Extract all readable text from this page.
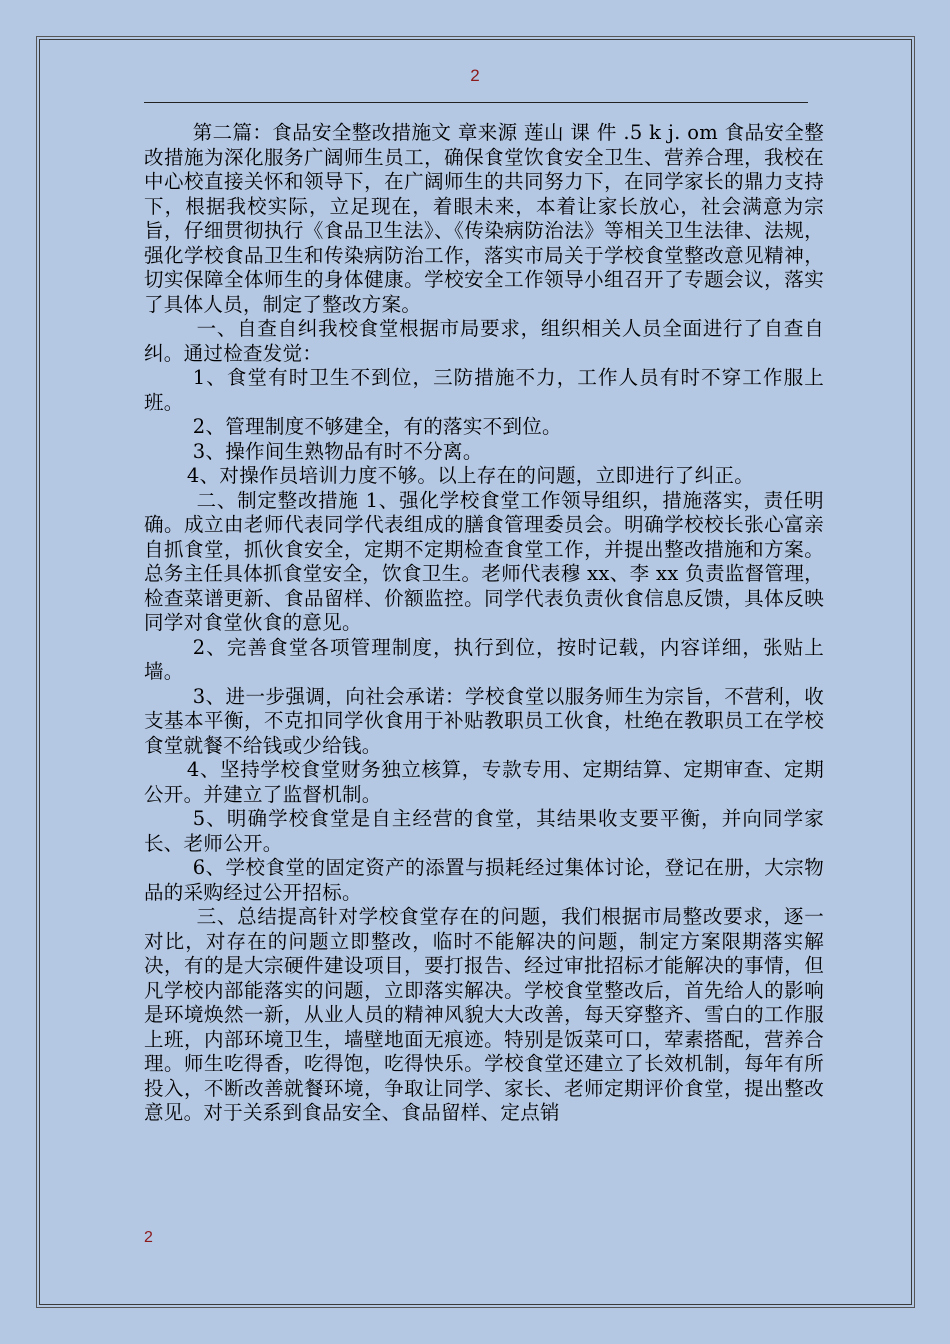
2

第二篇：食品安全整改措施文 章来源 莲山 课 件 .5 k j. om 食品安全整改措施为深化服务广阔师生员工，确保食堂饮食安全卫生、营养合理，我校在中心校直接关怀和领导下，在广阔师生的共同努力下，在同学家长的鼎力支持下，根据我校实际，立足现在，着眼未来，本着让家长放心，社会满意为宗旨，仔细贯彻执行《食品卫生法》、《传染病防治法》等相关卫生法律、法规，强化学校食品卫生和传染病防治工作，落实市局关于学校食堂整改意见精神，切实保障全体师生的身体健康。学校安全工作领导小组召开了专题会议，落实了具体人员，制定了整改方案。

一、自查自纠我校食堂根据市局要求，组织相关人员全面进行了自查自纠。通过检查发觉：

1、食堂有时卫生不到位，三防措施不力，工作人员有时不穿工作服上班。

2、管理制度不够建全，有的落实不到位。

3、操作间生熟物品有时不分离。

4、对操作员培训力度不够。以上存在的问题，立即进行了纠正。

二、制定整改措施 1、强化学校食堂工作领导组织，措施落实，责任明确。成立由老师代表同学代表组成的膳食管理委员会。明确学校校长张心富亲自抓食堂，抓伙食安全，定期不定期检查食堂工作，并提出整改措施和方案。总务主任具体抓食堂安全，饮食卫生。老师代表穆 xx、李 xx 负责监督管理，检查菜谱更新、食品留样、价额监控。同学代表负责伙食信息反馈，具体反映同学对食堂伙食的意见。

2、完善食堂各项管理制度，执行到位，按时记载，内容详细，张贴上墙。

3、进一步强调，向社会承诺：学校食堂以服务师生为宗旨，不营利，收支基本平衡，不克扣同学伙食用于补贴教职员工伙食，杜绝在教职员工在学校食堂就餐不给钱或少给钱。

4、坚持学校食堂财务独立核算，专款专用、定期结算、定期审查、定期公开。并建立了监督机制。

5、明确学校食堂是自主经营的食堂，其结果收支要平衡，并向同学家长、老师公开。

6、学校食堂的固定资产的添置与损耗经过集体讨论，登记在册，大宗物品的采购经过公开招标。

三、总结提高针对学校食堂存在的问题，我们根据市局整改要求，逐一对比，对存在的问题立即整改，临时不能解决的问题，制定方案限期落实解决，有的是大宗硬件建设项目，要打报告、经过审批招标才能解决的事情，但凡学校内部能落实的问题，立即落实解决。学校食堂整改后，首先给人的影响是环境焕然一新，从业人员的精神风貌大大改善，每天穿整齐、雪白的工作服上班，内部环境卫生，墙壁地面无痕迹。特别是饭菜可口，荤素搭配，营养合理。师生吃得香，吃得饱，吃得快乐。学校食堂还建立了长效机制，每年有所投入，不断改善就餐环境，争取让同学、家长、老师定期评价食堂，提出整改意见。对于关系到食品安全、食品留样、定点销

2
